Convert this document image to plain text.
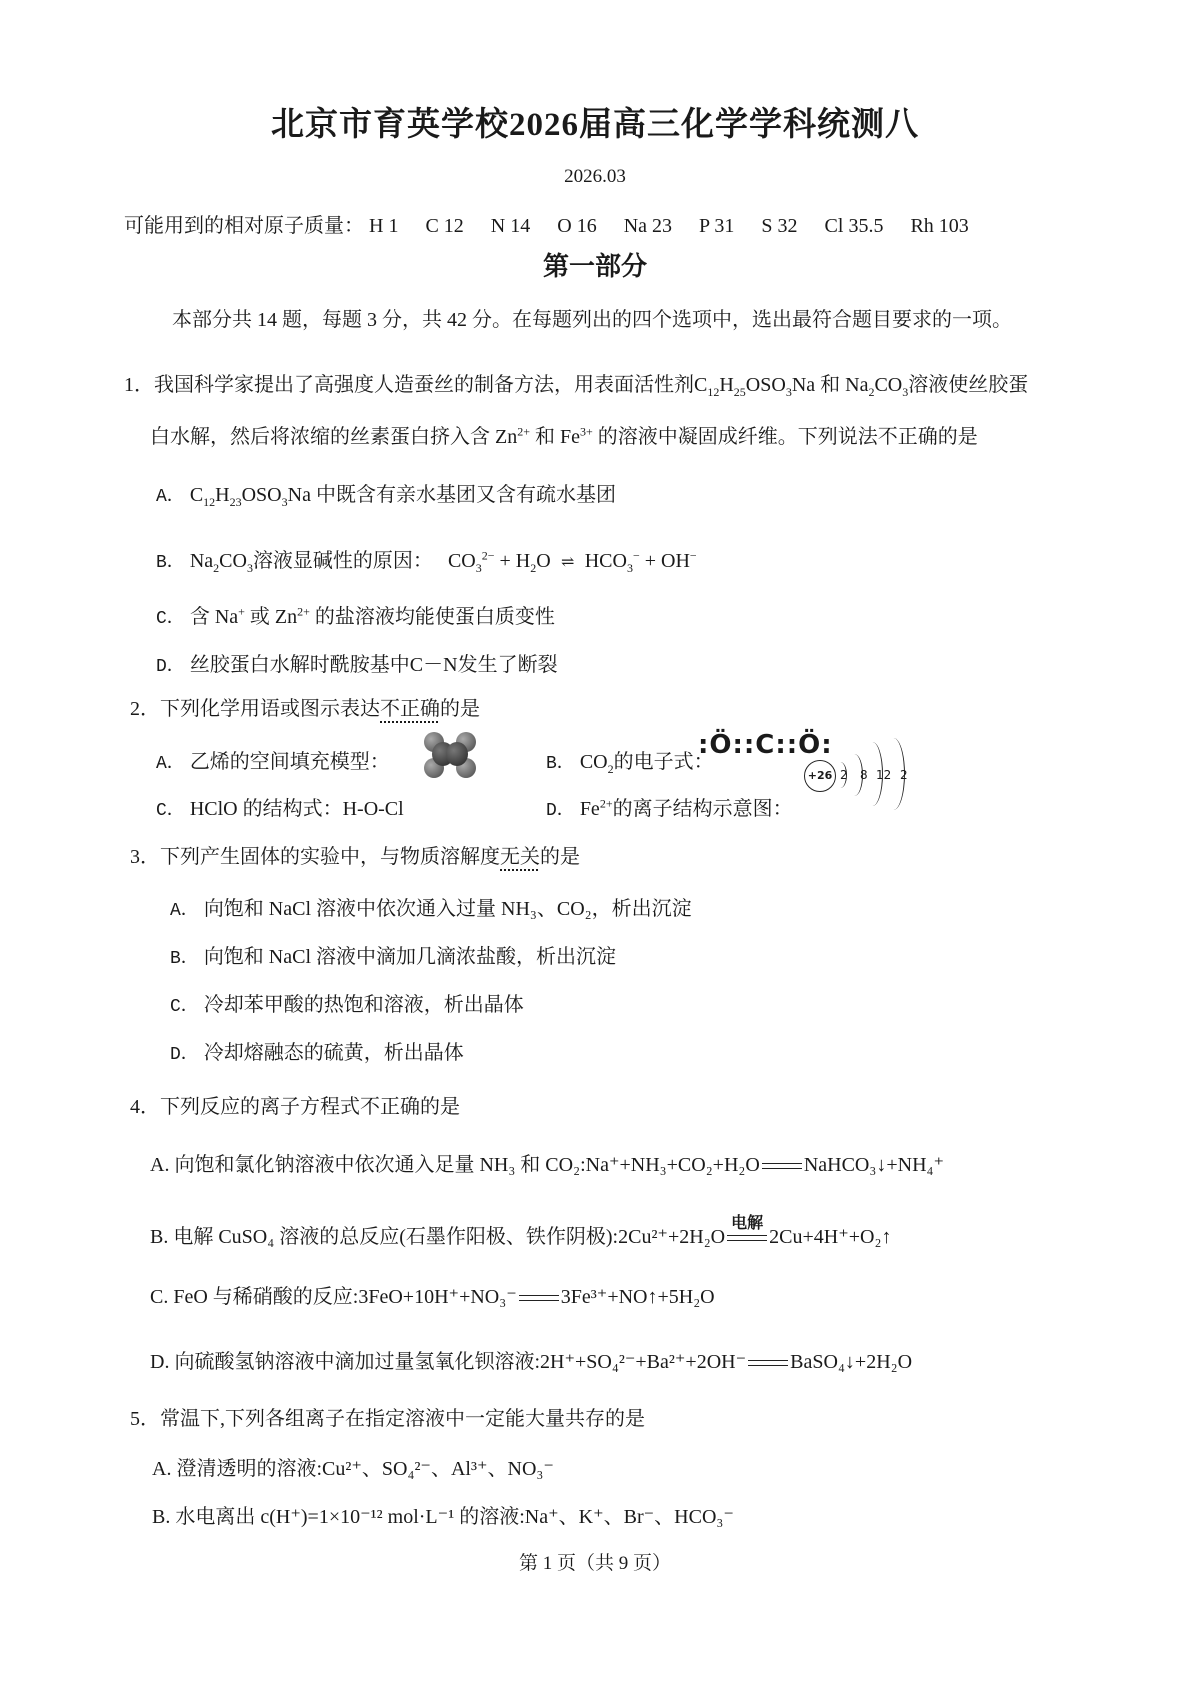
北京市育英学校2026届高三化学学科统测八
2026.03
可能用到的相对原子质量： H 1 C 12 N 14 O 16 Na 23 P 31 S 32 Cl 35.5 Rh 103
第一部分
本部分共 14 题，每题 3 分，共 42 分。在每题列出的四个选项中，选出最符合题目要求的一项。
1．我国科学家提出了高强度人造蚕丝的制备方法，用表面活性剂$C_{12}H_{25}OSO_3Na$ 和 $Na_2CO_3$溶液使丝胶蛋
白水解，然后将浓缩的丝素蛋白挤入含 $Zn^{2+}$ 和 $Fe^{3+}$ 的溶液中凝固成纤维。下列说法不正确的是
A． $C_{12}H_{23}OSO_3Na$ 中既含有亲水基团又含有疏水基团
B． $Na_2CO_3$溶液显碱性的原因：   $CO_3^{2-} + H_2O$ ⇌ $HCO_3^- + OH^-$
C． 含 Na+ 或 $Zn^{2+}$ 的盐溶液均能使蛋白质变性
D． 丝胶蛋白水解时酰胺基中C－N发生了断裂
2．下列化学用语或图示表达不正确的是
A． 乙烯的空间填充模型：	B． $CO_2$的电子式：
:Ö::C::Ö:
C． HClO 的结构式：H-O-Cl	D． $Fe^{2+}$的离子结构示意图：
+26 2 8 12 2
3．下列产生固体的实验中，与物质溶解度无关的是
A． 向饱和 NaCl 溶液中依次通入过量 NH₃、CO₂，析出沉淀
B． 向饱和 NaCl 溶液中滴加几滴浓盐酸，析出沉淀
C． 冷却苯甲酸的热饱和溶液，析出晶体
D． 冷却熔融态的硫黄，析出晶体
4．下列反应的离子方程式不正确的是
A. 向饱和氯化钠溶液中依次通入足量 NH₃ 和 CO₂:Na⁺+NH₃+CO₂+H₂O NaHCO₃↓+NH₄⁺
B. 电解 CuSO₄ 溶液的总反应(石墨作阳极、铁作阴极):2Cu²⁺+2H₂O
电解
2Cu+4H⁺+O₂↑
C. FeO 与稀硝酸的反应:3FeO+10H⁺+NO₃⁻ 3Fe³⁺+NO↑+5H₂O
D. 向硫酸氢钠溶液中滴加过量氢氧化钡溶液:2H⁺+SO₄²⁻+Ba²⁺+2OH⁻ BaSO₄↓+2H₂O
5．常温下,下列各组离子在指定溶液中一定能大量共存的是
A. 澄清透明的溶液:Cu²⁺、SO₄²⁻、Al³⁺、NO₃⁻
B. 水电离出 c(H⁺)=1×10⁻¹² mol·L⁻¹ 的溶液:Na⁺、K⁺、Br⁻、HCO₃⁻
第 1 页（共 9 页）
